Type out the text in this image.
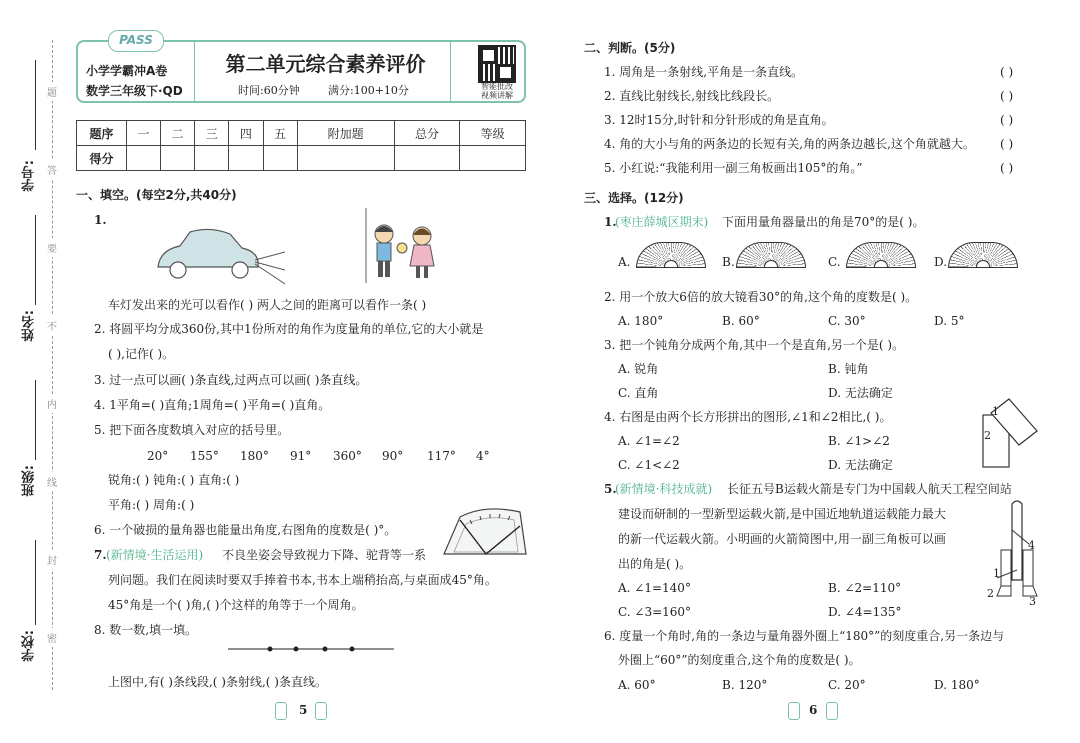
学号:
姓名:
班级:
学校:
题
答
要
不
内
线
封
密
PASS
小学学霸冲A卷
数学三年级下·QD
第二单元综合素养评价
时间:60分钟	满分:100+10分	智能批改
视频讲解
题序	一	二	三	四	五	附加题	总分	等级
得分								
一、填空。(每空2分,共40分)
1.
车灯发出来的光可以看作( ) 两人之间的距离可以看作一条( )
2. 将圆平均分成360份,其中1份所对的角作为度量角的单位,它的大小就是
( ),记作( )。
3. 过一点可以画( )条直线,过两点可以画( )条直线。
4. 1平角=( )直角;1周角=( )平角=( )直角。
5. 把下面各度数填入对应的括号里。
20° 155° 180° 91° 360° 90° 117° 4°
锐角:( ) 钝角:( ) 直角:( )
平角:( ) 周角:( )
6. 一个破损的量角器也能量出角度,右图角的度数是( )°。
7. (新情境·生活运用) 不良坐姿会导致视力下降、驼背等一系
列问题。我们在阅读时要双手捧着书本,书本上端稍抬高,与桌面成45°角。
45°角是一个( )角,( )个这样的角等于一个周角。
8. 数一数,填一填。
上图中,有( )条线段,( )条射线,( )条直线。
5
二、判断。(5分)
1. 周角是一条射线,平角是一条直线。	( )
2. 直线比射线长,射线比线段长。	( )
3. 12时15分,时针和分针形成的角是直角。	( )
4. 角的大小与角的两条边的长短有关,角的两条边越长,这个角就越大。 ( )
5. 小红说:“我能利用一副三角板画出105°的角。”	( )
三、选择。(12分)
1.
(枣庄薛城区期末) 下面用量角器量出的角是70°的是( )。
A.	B.	C.	D.
2. 用一个放大6倍的放大镜看30°的角,这个角的度数是( )。
A. 180°	B. 60°	C. 30°	D. 5°
3. 把一个钝角分成两个角,其中一个是直角,另一个是( )。
A. 锐角	B. 钝角
C. 直角	D. 无法确定
4. 右图是由两个长方形拼出的图形,∠1和∠2相比,( )。
A. ∠1=∠2	B. ∠1>∠2
C. ∠1<∠2	D. 无法确定
1
2
5.
(新情境·科技成就) 长征五号B运载火箭是专门为中国载人航天工程空间站
建设而研制的一型新型运载火箭,是中国近地轨道运载能力最大
的新一代运载火箭。小明画的火箭简图中,用一副三角板可以画
出的角是( )。
4
1
2
3
A. ∠1=140°	B. ∠2=110°
C. ∠3=160°	D. ∠4=135°
6. 度量一个角时,角的一条边与量角器外圈上“180°”的刻度重合,另一条边与
外圈上“60°”的刻度重合,这个角的度数是( )。
A. 60°	B. 120°	C. 20°	D. 180°
6
